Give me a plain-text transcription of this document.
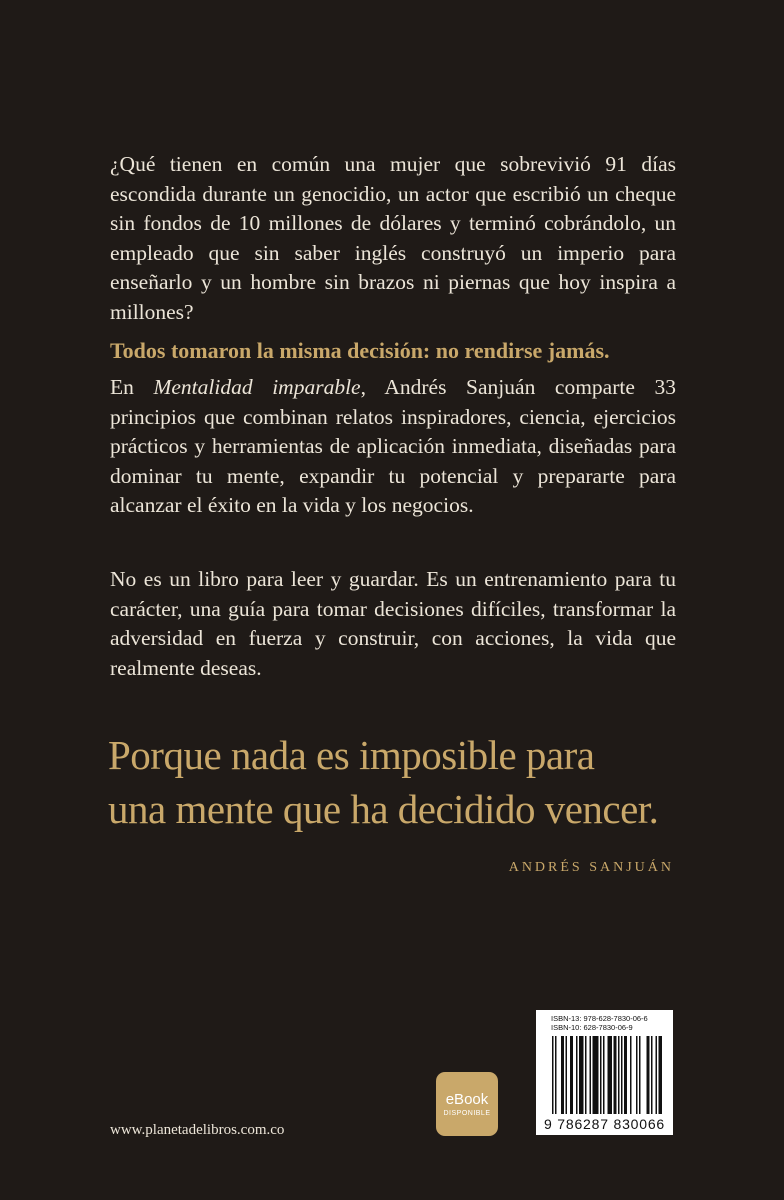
¿Qué tienen en común una mujer que sobrevivió 91 días escondida durante un genocidio, un actor que escribió un cheque sin fondos de 10 millones de dólares y terminó cobrándolo, un empleado que sin saber inglés construyó un imperio para enseñarlo y un hombre sin brazos ni piernas que hoy inspira a millones?

Todos tomaron la misma decisión: no rendirse jamás.

En Mentalidad imparable, Andrés Sanjuán comparte 33 principios que combinan relatos inspiradores, ciencia, ejercicios prácticos y herramientas de aplicación inmediata, diseñadas para dominar tu mente, expandir tu potencial y prepararte para alcanzar el éxito en la vida y los negocios.

No es un libro para leer y guardar. Es un entrenamiento para tu carácter, una guía para tomar decisiones difíciles, transformar la adversidad en fuerza y construir, con acciones, la vida que realmente deseas.

Porque nada es imposible para
una mente que ha decidido vencer.

ANDRÉS SANJUÁN

www.planetadelibros.com.co

eBook
DISPONIBLE
ISBN-13: 978-628-7830-06-6
ISBN-10: 628-7830-06-9
9 786287 830066
